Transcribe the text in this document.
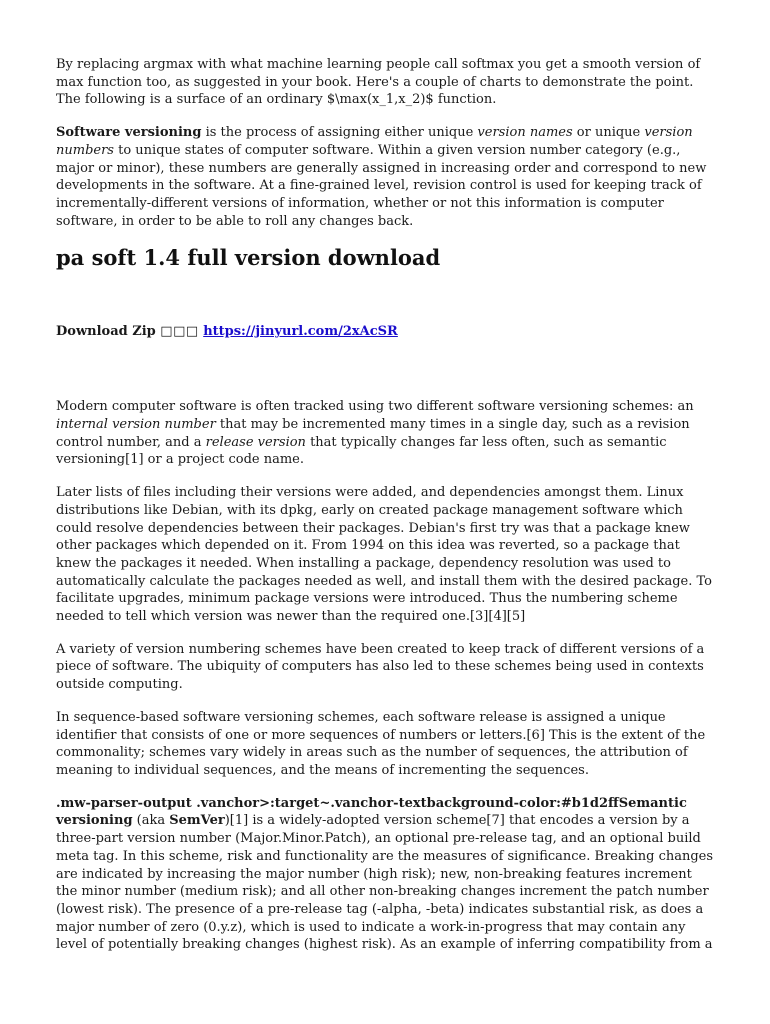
By replacing argmax with what machine learning people call softmax you get a smooth version of max function too, as suggested in your book. Here's a couple of charts to demonstrate the point. The following is a surface of an ordinary $\max(x_1,x_2)$ function.

Software versioning is the process of assigning either unique version names or unique version numbers to unique states of computer software. Within a given version number category (e.g., major or minor), these numbers are generally assigned in increasing order and correspond to new developments in the software. At a fine-grained level, revision control is used for keeping track of incrementally-different versions of information, whether or not this information is computer software, in order to be able to roll any changes back.

pa soft 1.4 full version download
Download Zip □□□ https://jinyurl.com/2xAcSR

Modern computer software is often tracked using two different software versioning schemes: an internal version number that may be incremented many times in a single day, such as a revision control number, and a release version that typically changes far less often, such as semantic versioning[1] or a project code name.

Later lists of files including their versions were added, and dependencies amongst them. Linux distributions like Debian, with its dpkg, early on created package management software which could resolve dependencies between their packages. Debian's first try was that a package knew other packages which depended on it. From 1994 on this idea was reverted, so a package that knew the packages it needed. When installing a package, dependency resolution was used to automatically calculate the packages needed as well, and install them with the desired package. To facilitate upgrades, minimum package versions were introduced. Thus the numbering scheme needed to tell which version was newer than the required one.[3][4][5]

A variety of version numbering schemes have been created to keep track of different versions of a piece of software. The ubiquity of computers has also led to these schemes being used in contexts outside computing.

In sequence-based software versioning schemes, each software release is assigned a unique identifier that consists of one or more sequences of numbers or letters.[6] This is the extent of the commonality; schemes vary widely in areas such as the number of sequences, the attribution of meaning to individual sequences, and the means of incrementing the sequences.

.mw-parser-output .vanchor>:target~.vanchor-textbackground-color:#b1d2ffSemantic versioning (aka SemVer)[1] is a widely-adopted version scheme[7] that encodes a version by a three-part version number (Major.Minor.Patch), an optional pre-release tag, and an optional build meta tag. In this scheme, risk and functionality are the measures of significance. Breaking changes are indicated by increasing the major number (high risk); new, non-breaking features increment the minor number (medium risk); and all other non-breaking changes increment the patch number (lowest risk). The presence of a pre-release tag (-alpha, -beta) indicates substantial risk, as does a major number of zero (0.y.z), which is used to indicate a work-in-progress that may contain any level of potentially breaking changes (highest risk). As an example of inferring compatibility from a
